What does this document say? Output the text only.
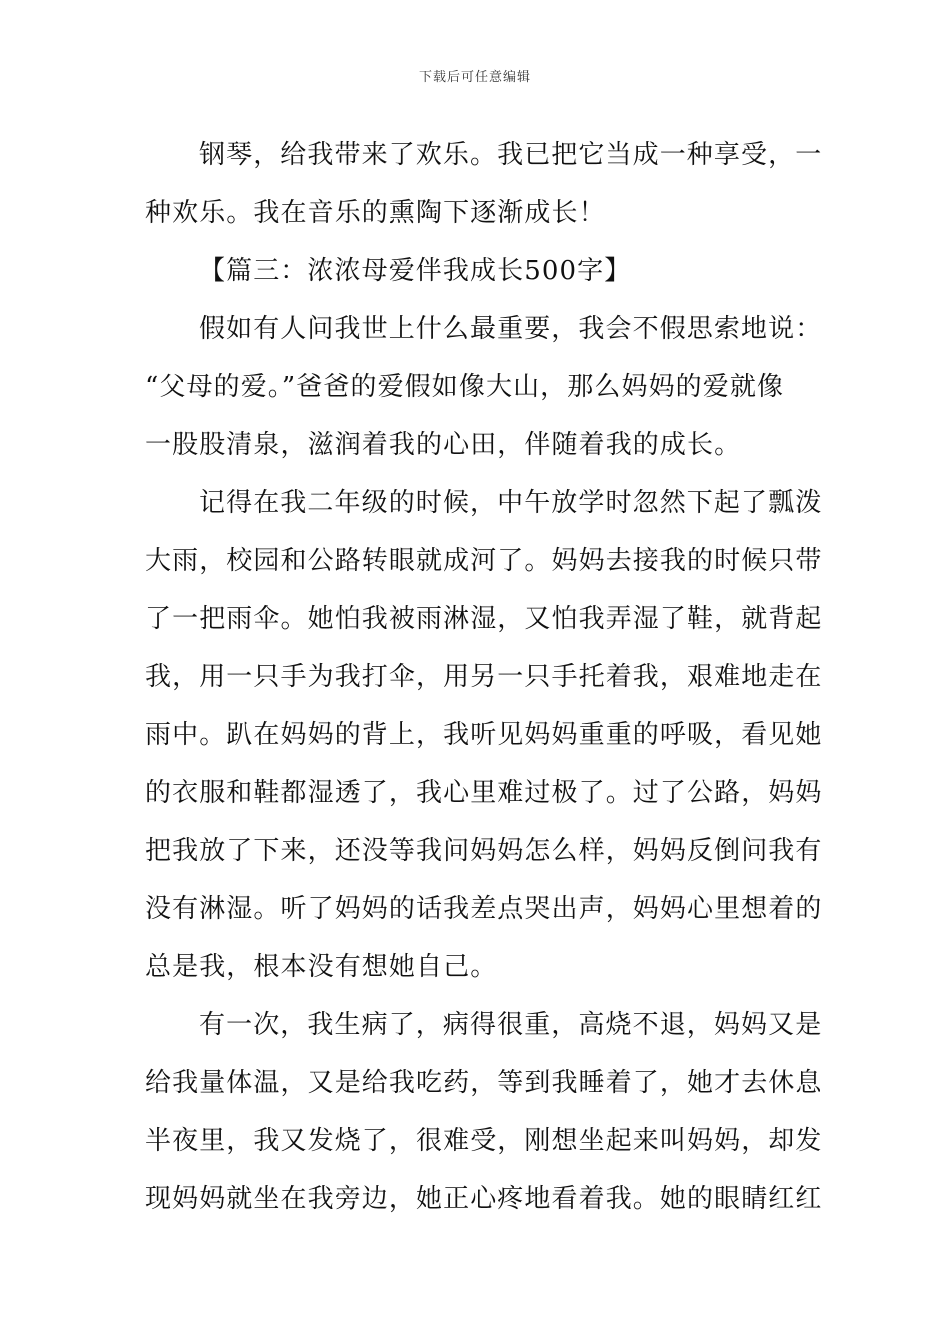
下载后可任意编辑
钢琴，给我带来了欢乐。我已把它当成一种享受，一
种欢乐。我在音乐的熏陶下逐渐成长！
【篇三：浓浓母爱伴我成长500字】
假如有人问我世上什么最重要，我会不假思索地说：
“父母的爱。”爸爸的爱假如像大山，那么妈妈的爱就像
一股股清泉，滋润着我的心田，伴随着我的成长。
记得在我二年级的时候，中午放学时忽然下起了瓢泼
大雨，校园和公路转眼就成河了。妈妈去接我的时候只带
了一把雨伞。她怕我被雨淋湿，又怕我弄湿了鞋，就背起
我，用一只手为我打伞，用另一只手托着我，艰难地走在
雨中。趴在妈妈的背上，我听见妈妈重重的呼吸，看见她
的衣服和鞋都湿透了，我心里难过极了。过了公路，妈妈
把我放了下来，还没等我问妈妈怎么样，妈妈反倒问我有
没有淋湿。听了妈妈的话我差点哭出声，妈妈心里想着的
总是我，根本没有想她自己。
有一次，我生病了，病得很重，高烧不退，妈妈又是
给我量体温，又是给我吃药，等到我睡着了，她才去休息
半夜里，我又发烧了，很难受，刚想坐起来叫妈妈，却发
现妈妈就坐在我旁边，她正心疼地看着我。她的眼睛红红
